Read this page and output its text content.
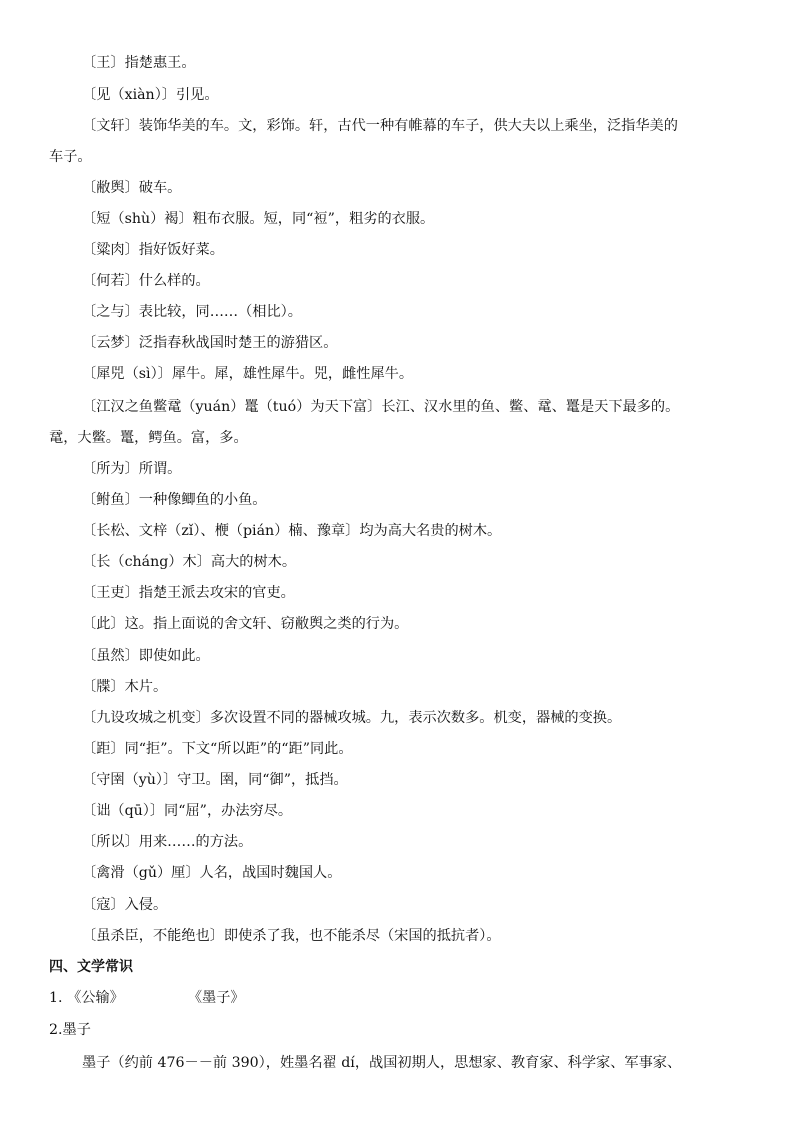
〔王〕指楚惠王。
〔见（xiàn）〕引见。
〔文轩〕装饰华美的车。文，彩饰。轩，古代一种有帷幕的车子，供大夫以上乘坐，泛指华美的
车子。
〔敝舆〕破车。
〔短（shù）褐〕粗布衣服。短，同“裋”，粗劣的衣服。
〔粱肉〕指好饭好菜。
〔何若〕什么样的。
〔之与〕表比较，同……（相比）。
〔云梦〕泛指春秋战国时楚王的游猎区。
〔犀兕（sì）〕犀牛。犀，雄性犀牛。兕，雌性犀牛。
〔江汉之鱼鳖鼋（yuán）鼍（tuó）为天下富〕长江、汉水里的鱼、鳖、鼋、鼍是天下最多的。
鼋，大鳖。鼍，鳄鱼。富，多。
〔所为〕所谓。
〔鲋鱼〕一种像鲫鱼的小鱼。
〔长松、文梓（zǐ）、楩（pián）楠、豫章〕均为高大名贵的树木。
〔长（cháng）木〕高大的树木。
〔王吏〕指楚王派去攻宋的官吏。
〔此〕这。指上面说的舍文轩、窃敝舆之类的行为。
〔虽然〕即使如此。
〔牒〕木片。
〔九设攻城之机变〕多次设置不同的器械攻城。九，表示次数多。机变，器械的变换。
〔距〕同“拒”。下文“所以距”的“距”同此。
〔守圉（yù）〕守卫。圉，同“御”，抵挡。
〔诎（qū）〕同“屈”，办法穷尽。
〔所以〕用来……的方法。
〔禽滑（gǔ）厘〕人名，战国时魏国人。
〔寇〕入侵。
〔虽杀臣，不能绝也〕即使杀了我，也不能杀尽（宋国的抵抗者）。
四、文学常识
1. 《公输》	《墨子》
2.墨子
墨子（约前 476－－前 390），姓墨名翟 dí，战国初期人，思想家、教育家、科学家、军事家、
